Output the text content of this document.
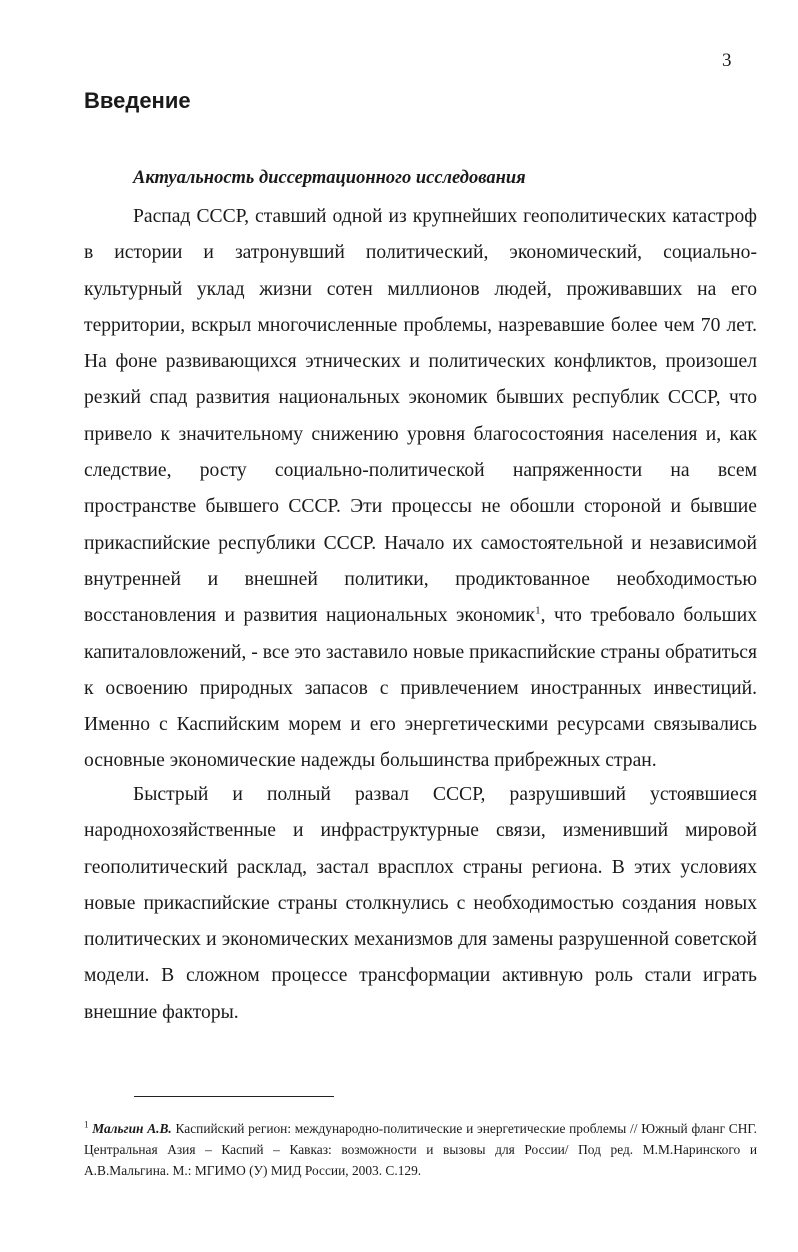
3
Введение
Актуальность диссертационного исследования

Распад СССР, ставший одной из крупнейших геополитических катастроф в истории и затронувший политический, экономический, социально-культурный уклад жизни сотен миллионов людей, проживавших на его территории, вскрыл многочисленные проблемы, назревавшие более чем 70 лет. На фоне развивающихся этнических и политических конфликтов, произошел резкий спад развития национальных экономик бывших республик СССР, что привело к значительному снижению уровня благосостояния населения и, как следствие, росту социально-политической напряженности на всем пространстве бывшего СССР. Эти процессы не обошли стороной и бывшие прикаспийские республики СССР. Начало их самостоятельной и независимой внутренней и внешней политики, продиктованное необходимостью восстановления и развития национальных экономик$^1$, что требовало больших капиталовложений, - все это заставило новые прикаспийские страны обратиться к освоению природных запасов с привлечением иностранных инвестиций. Именно с Каспийским морем и его энергетическими ресурсами связывались основные экономические надежды большинства прибрежных стран.

Быстрый и полный развал СССР, разрушивший устоявшиеся народнохозяйственные и инфраструктурные связи, изменивший мировой геополитический расклад, застал врасплох страны региона. В этих условиях новые прикаспийские страны столкнулись с необходимостью создания новых политических и экономических механизмов для замены разрушенной советской модели. В сложном процессе трансформации активную роль стали играть внешние факторы.

$^1$ Мальгин А.В. Каспийский регион: международно-политические и энергетические проблемы // Южный фланг СНГ. Центральная Азия – Каспий – Кавказ: возможности и вызовы для России/ Под ред. М.М.Наринского и А.В.Мальгина. М.: МГИМО (У) МИД России, 2003. С.129.
